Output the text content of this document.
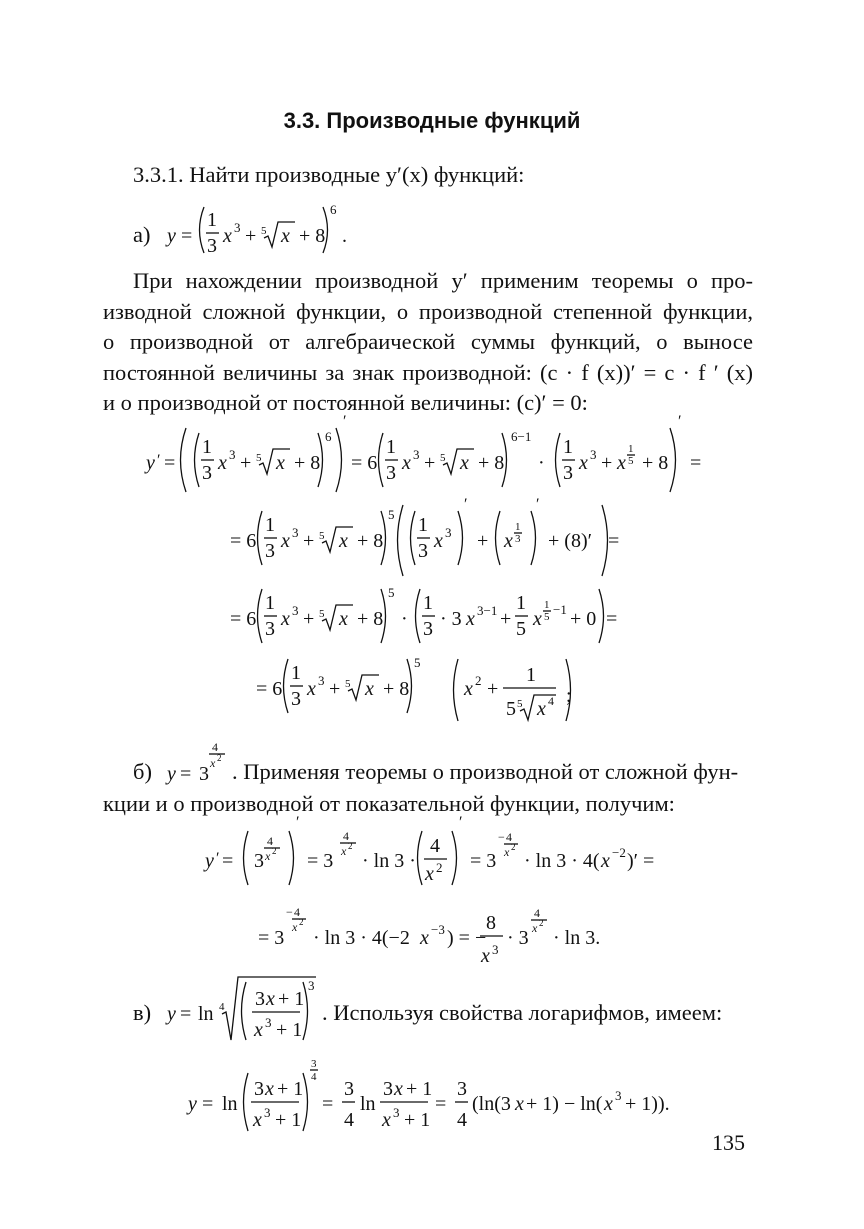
3.3. Производные функций
3.3.1. Найти производные y′(x) функций:
а)
При нахождении производной y′ применим теоремы о про-
изводной сложной функции, о производной степенной функции,
о производной от алгебраической суммы функций, о выносе
постоянной величины за знак производной: (c · f (x))′ = c · f ′ (x)
и о производной от постоянной величины: (c)′ = 0:
б)	. Применяя теоремы о производной от сложной фун-
кции и о производной от показательной функции, получим:
в)	. Используя свойства логарифмов, имеем:
135
y =
1
3 x 3 + 5 x + 8
6
.
y ′ =
1
3 x 3 + 5 x + 8
6
′
= 6
1
3 x 3 + 5 x + 8
6−1
·
1
3 x 3 + x
1
5 + 8
′
=
= 6
1
3 x 3 + 5 x + 8
5 1
3 x 3
′
+ x
1
3
′
+ (8)′ =
= 6
1
3 x 3 + 5 x + 8
5
·
1
3 · 3 x 3−1 +
1
5 x
1
5 −1 + 0 =
= 6
1
3 x 3 + 5 x + 8
5
x 2 +
1
5 5 x 4 ;
y = 3
4
x 2
y ′ = 3
4
x 2
′
= 3
4
x 2
· ln 3 ·
4
x 2
′
= 3
− 4
x 2
· ln 3 · 4( x −2 )′ =
= 3
− 4
x 2
· ln 3 · 4(−2 x −3 ) = −
8
x 3
· 3
4
x 2
· ln 3.
y = ln 4 3 x + 1
x 3 + 1
3
y = ln
3 x + 1
x 3 + 1
3
4
=
3
4
ln
3 x + 1
x 3 + 1
=
3
4
(ln(3 x + 1) − ln( x 3 + 1)).
